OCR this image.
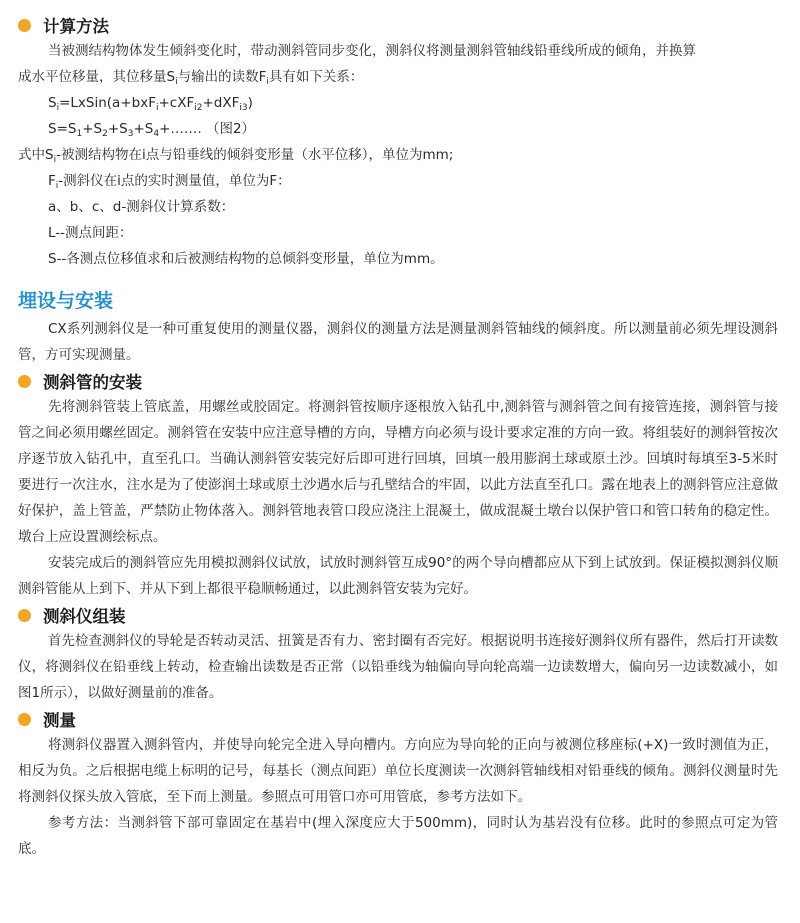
计算方法

当被测结构物体发生倾斜变化时，带动测斜管同步变化，测斜仪将测量测斜管轴线铅垂线所成的倾角，并换算

成水平位移量，其位移量$S_i$与输出的读数$F_i$具有如下关系：

$S_i=LxSin(a+bxF_i+cXF_{i2}+dXF_{i3})$

$S=S_1+S_2+S_3+S_4+\dots\dots$. （图2）

式中$S_i-$被测结构物在i点与铅垂线的倾斜变形量（水平位移），单位为mm;

$F_i-$测斜仪在i点的实时测量值，单位为F：

a、b、c、d-测斜仪计算系数：

L--测点间距：

S--各测点位移值求和后被测结构物的总倾斜变形量，单位为mm。

埋设与安装

CX系列测斜仪是一种可重复使用的测量仪器，测斜仪的测量方法是测量测斜管轴线的倾斜度。所以测量前必须先埋设测斜管，方可实现测量。

测斜管的安装

先将测斜管装上管底盖，用螺丝或胶固定。将测斜管按顺序逐根放入钻孔中,测斜管与测斜管之间有接管连接，测斜管与接管之间必须用螺丝固定。测斜管在安装中应注意导槽的方向，导槽方向必须与设计要求定准的方向一致。将组装好的测斜管按次序逐节放入钻孔中，直至孔口。当确认测斜管安装完好后即可进行回填，回填一般用膨润土球或原土沙。回填时每填至3-5米时要进行一次注水，注水是为了使澎润土球或原土沙遇水后与孔壁结合的牢固，以此方法直至孔口。露在地表上的测斜管应注意做好保护，盖上管盖，严禁防止物体落入。测斜管地表管口段应浇注上混凝土，做成混凝土墩台以保护管口和管口转角的稳定性。墩台上应设置测绘标点。

安装完成后的测斜管应先用模拟测斜仪试放，试放时测斜管互成90°的两个导向槽都应从下到上试放到。保证模拟测斜仪顺测斜管能从上到下、并从下到上都很平稳顺畅通过，以此测斜管安装为完好。

测斜仪组装

首先检查测斜仪的导轮是否转动灵活、扭簧是否有力、密封圈有否完好。根据说明书连接好测斜仪所有器件，然后打开读数仪，将测斜仪在铅垂线上转动，检查输出读数是否正常（以铅垂线为轴偏向导向轮高端一边读数增大，偏向另一边读数减小，如图1所示），以做好测量前的准备。

测量

将测斜仪器置入测斜管内，并使导向轮完全进入导向槽内。方向应为导向轮的正向与被测位移座标(+X)一致时测值为正，相反为负。之后根据电缆上标明的记号，每基长（测点间距）单位长度测读一次测斜管轴线相对铅垂线的倾角。测斜仪测量时先将测斜仪探头放入管底，至下而上测量。参照点可用管口亦可用管底，参考方法如下。

参考方法：当测斜管下部可靠固定在基岩中(埋入深度应大于500mm)，同时认为基岩没有位移。此时的参照点可定为管底。
